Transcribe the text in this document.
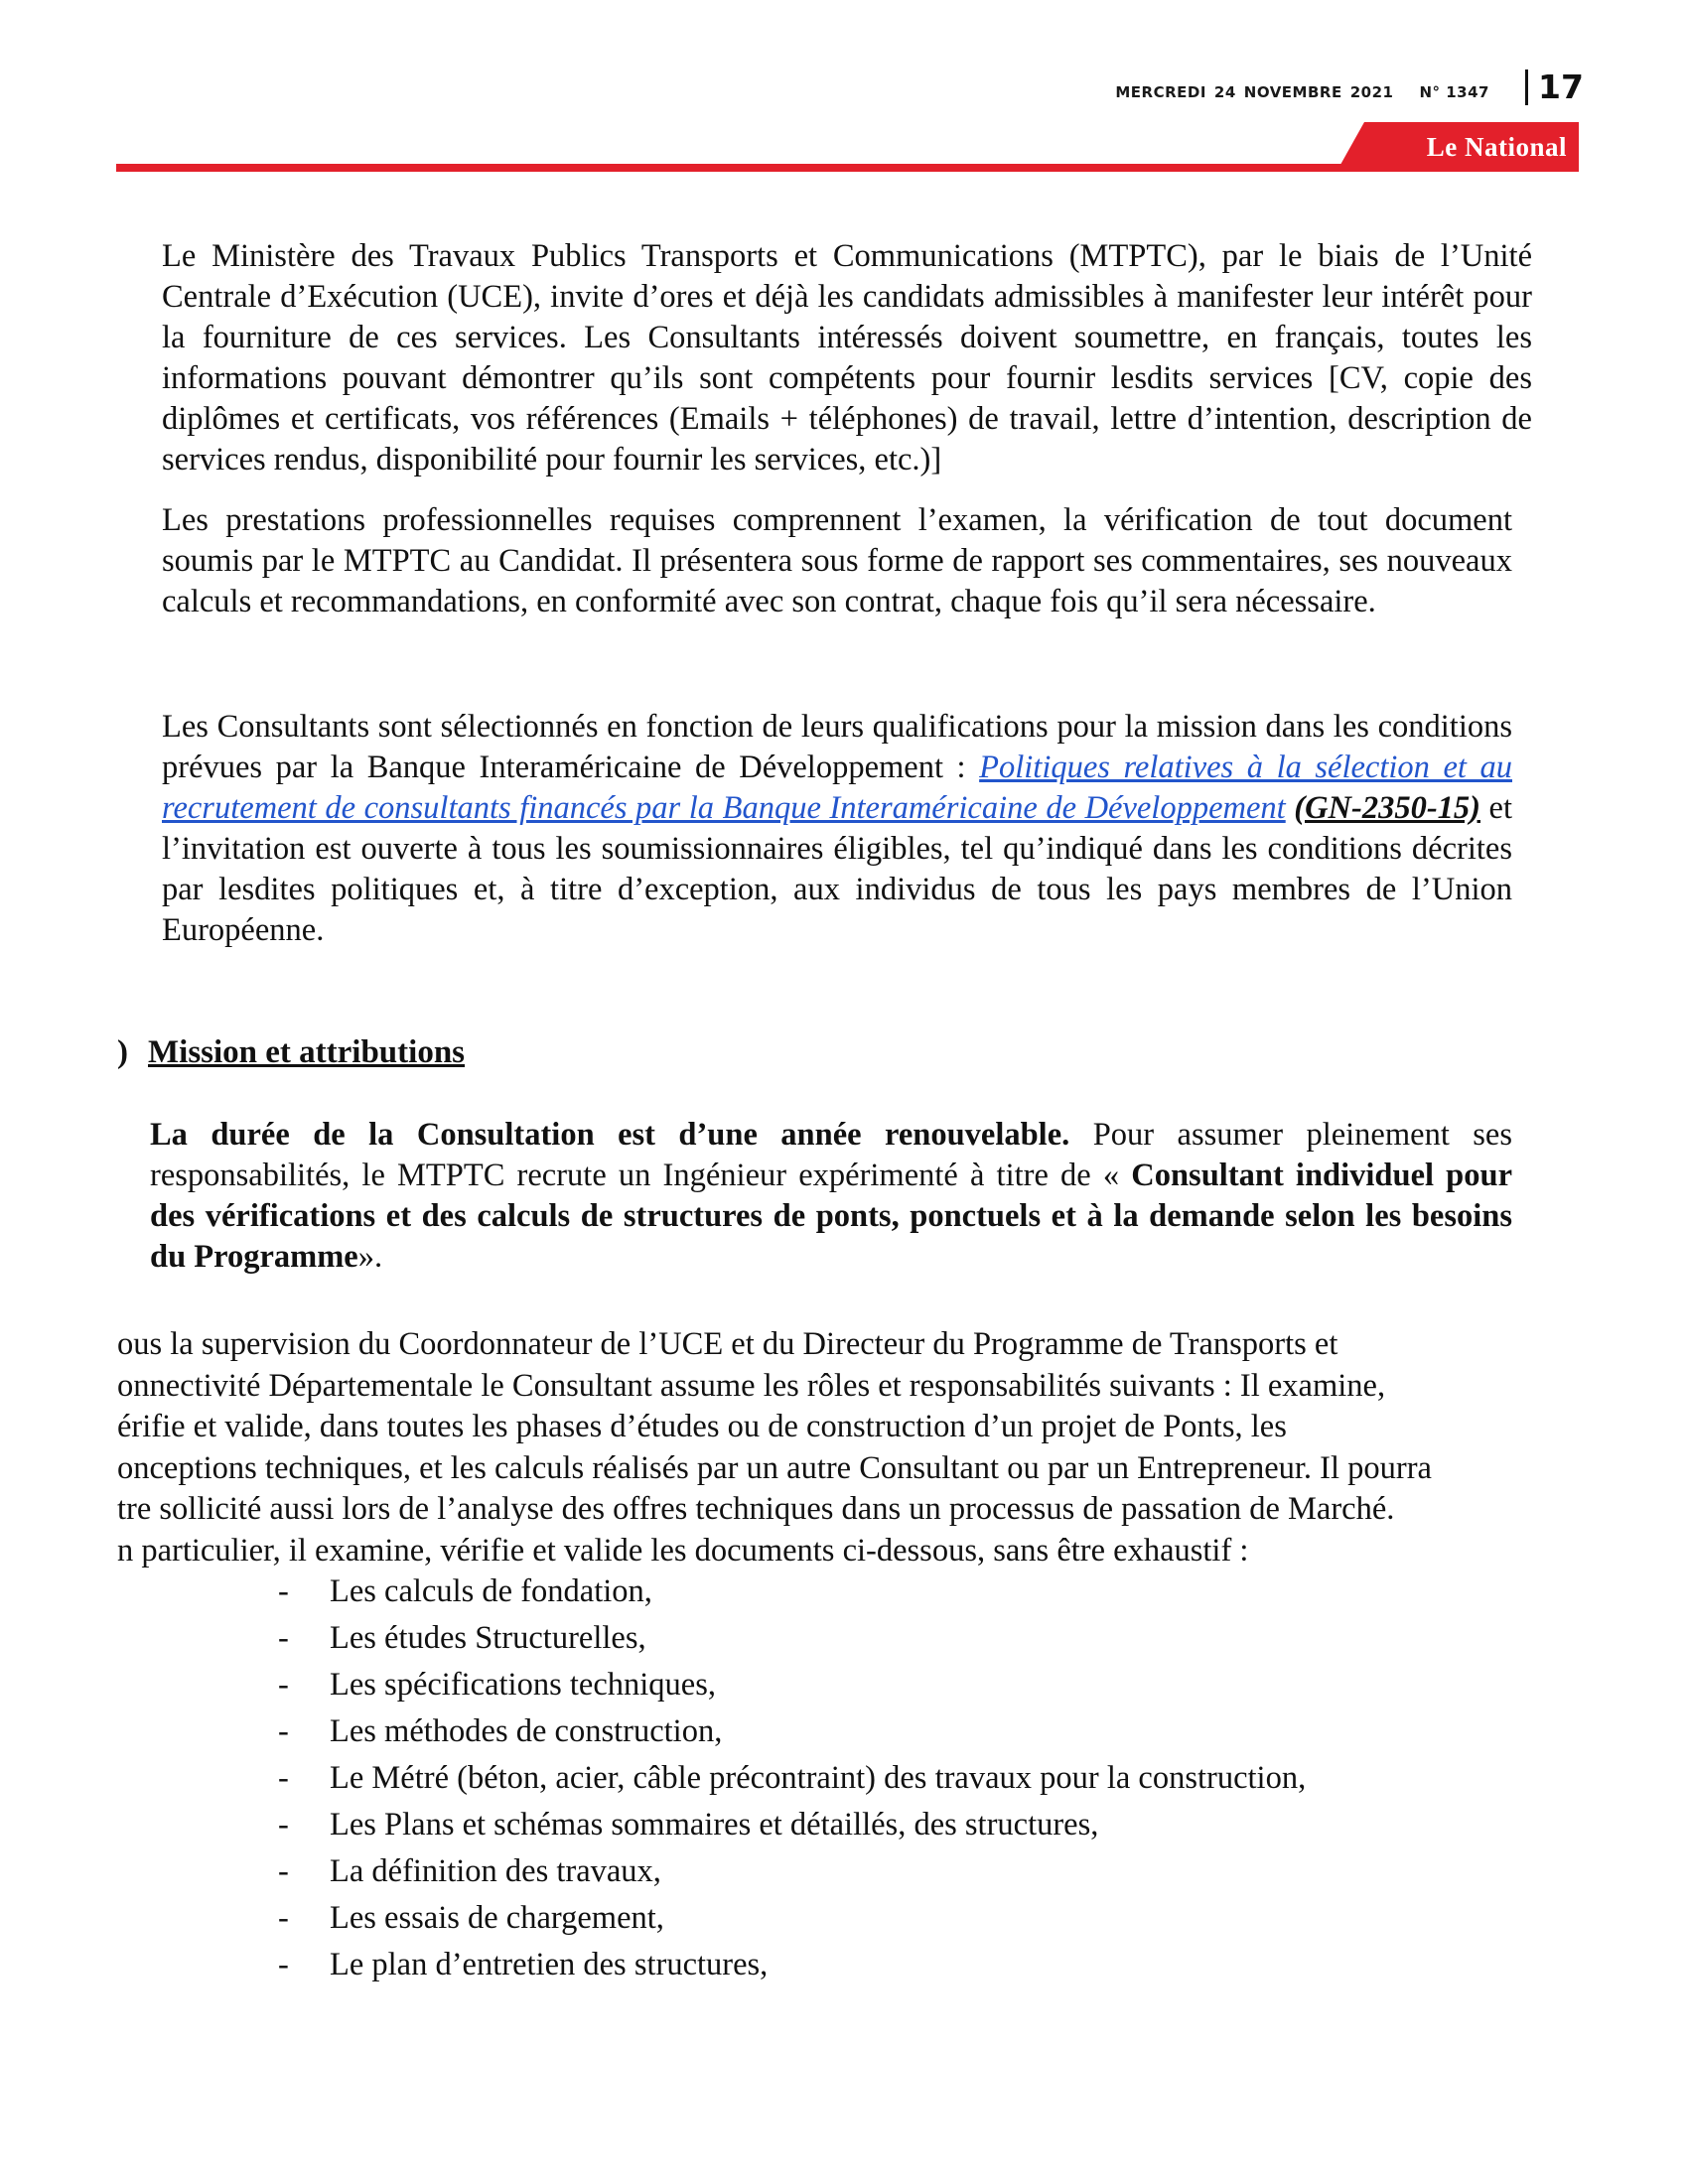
MERCREDI 24 NOVEMBRE 2021 N° 1347	17
Le National

Le Ministère des Travaux Publics Transports et Communications (MTPTC), par le biais de l’Unité Centrale d’Exécution (UCE), invite d’ores et déjà les candidats admissibles à manifester leur intérêt pour la fourniture de ces services. Les Consultants intéressés doivent soumettre, en français, toutes les informations pouvant démontrer qu’ils sont compétents pour fournir lesdits services [CV, copie des diplômes et certificats, vos références (Emails + téléphones) de travail, lettre d’intention, description de services rendus, disponibilité pour fournir les services, etc.)]

Les prestations professionnelles requises comprennent l’examen, la vérification de tout document soumis par le MTPTC au Candidat. Il présentera sous forme de rapport ses commentaires, ses nouveaux calculs et recommandations, en conformité avec son contrat, chaque fois qu’il sera nécessaire.

Les Consultants sont sélectionnés en fonction de leurs qualifications pour la mission dans les conditions prévues par la Banque Interaméricaine de Développement : Politiques relatives à la sélection et au recrutement de consultants financés par la Banque Interaméricaine de Développement (GN-2350-15) et l’invitation est ouverte à tous les soumissionnaires éligibles, tel qu’indiqué dans les conditions décrites par lesdites politiques et, à titre d’exception, aux individus de tous les pays membres de l’Union Européenne.

) Mission et attributions

La durée de la Consultation est d’une année renouvelable. Pour assumer pleinement ses responsabilités, le MTPTC recrute un Ingénieur expérimenté à titre de « Consultant individuel pour des vérifications et des calculs de structures de ponts, ponctuels et à la demande selon les besoins du Programme».

ous la supervision du Coordonnateur de l’UCE et du Directeur du Programme de Transports et
onnectivité Départementale le Consultant assume les rôles et responsabilités suivants : Il examine,
érifie et valide, dans toutes les phases d’études ou de construction d’un projet de Ponts, les
onceptions techniques, et les calculs réalisés par un autre Consultant ou par un Entrepreneur. Il pourra
tre sollicité aussi lors de l’analyse des offres techniques dans un processus de passation de Marché.
n particulier, il examine, vérifie et valide les documents ci-dessous, sans être exhaustif :
- Les calculs de fondation,
- Les études Structurelles,
- Les spécifications techniques,
- Les méthodes de construction,
- Le Métré (béton, acier, câble précontraint) des travaux pour la construction,
- Les Plans et schémas sommaires et détaillés, des structures,
- La définition des travaux,
- Les essais de chargement,
- Le plan d’entretien des structures,
